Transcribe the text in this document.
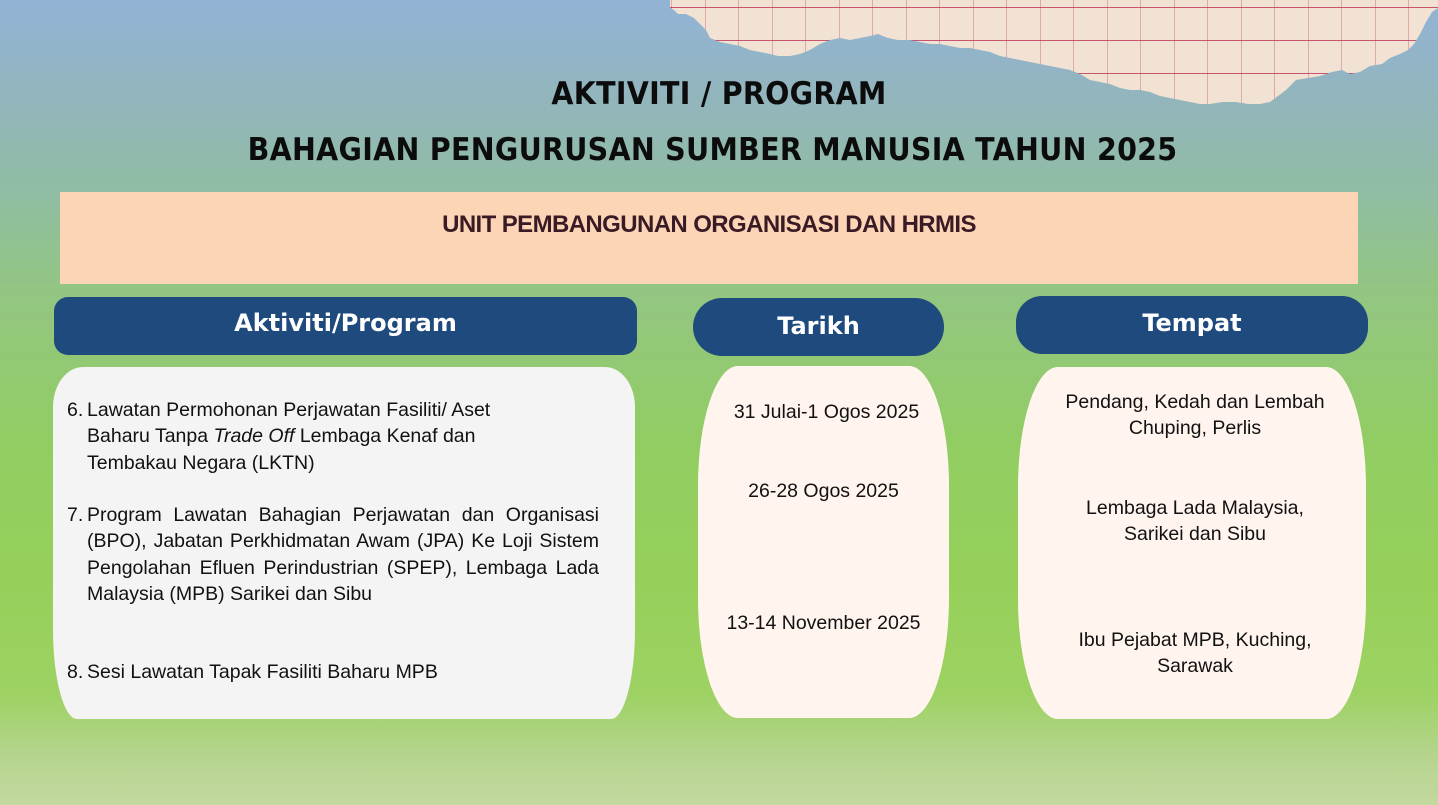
AKTIVITI / PROGRAM
BAHAGIAN PENGURUSAN SUMBER MANUSIA TAHUN 2025
UNIT PEMBANGUNAN ORGANISASI DAN HRMIS
Aktiviti/Program	Tarikh	Tempat
6. Lawatan Permohonan Perjawatan Fasiliti/ Aset Baharu Tanpa Trade Off Lembaga Kenaf dan Tembakau Negara (LKTN)
7. Program Lawatan Bahagian Perjawatan dan Organisasi (BPO), Jabatan Perkhidmatan Awam (JPA) Ke Loji Sistem Pengolahan Efluen Perindustrian (SPEP), Lembaga Lada Malaysia (MPB) Sarikei dan Sibu
8. Sesi Lawatan Tapak Fasiliti Baharu MPB
31 Julai-1 Ogos 2025
26-28 Ogos 2025
13-14 November 2025
Pendang, Kedah dan Lembah
Chuping, Perlis
Lembaga Lada Malaysia,
Sarikei dan Sibu
Ibu Pejabat MPB, Kuching,
Sarawak
